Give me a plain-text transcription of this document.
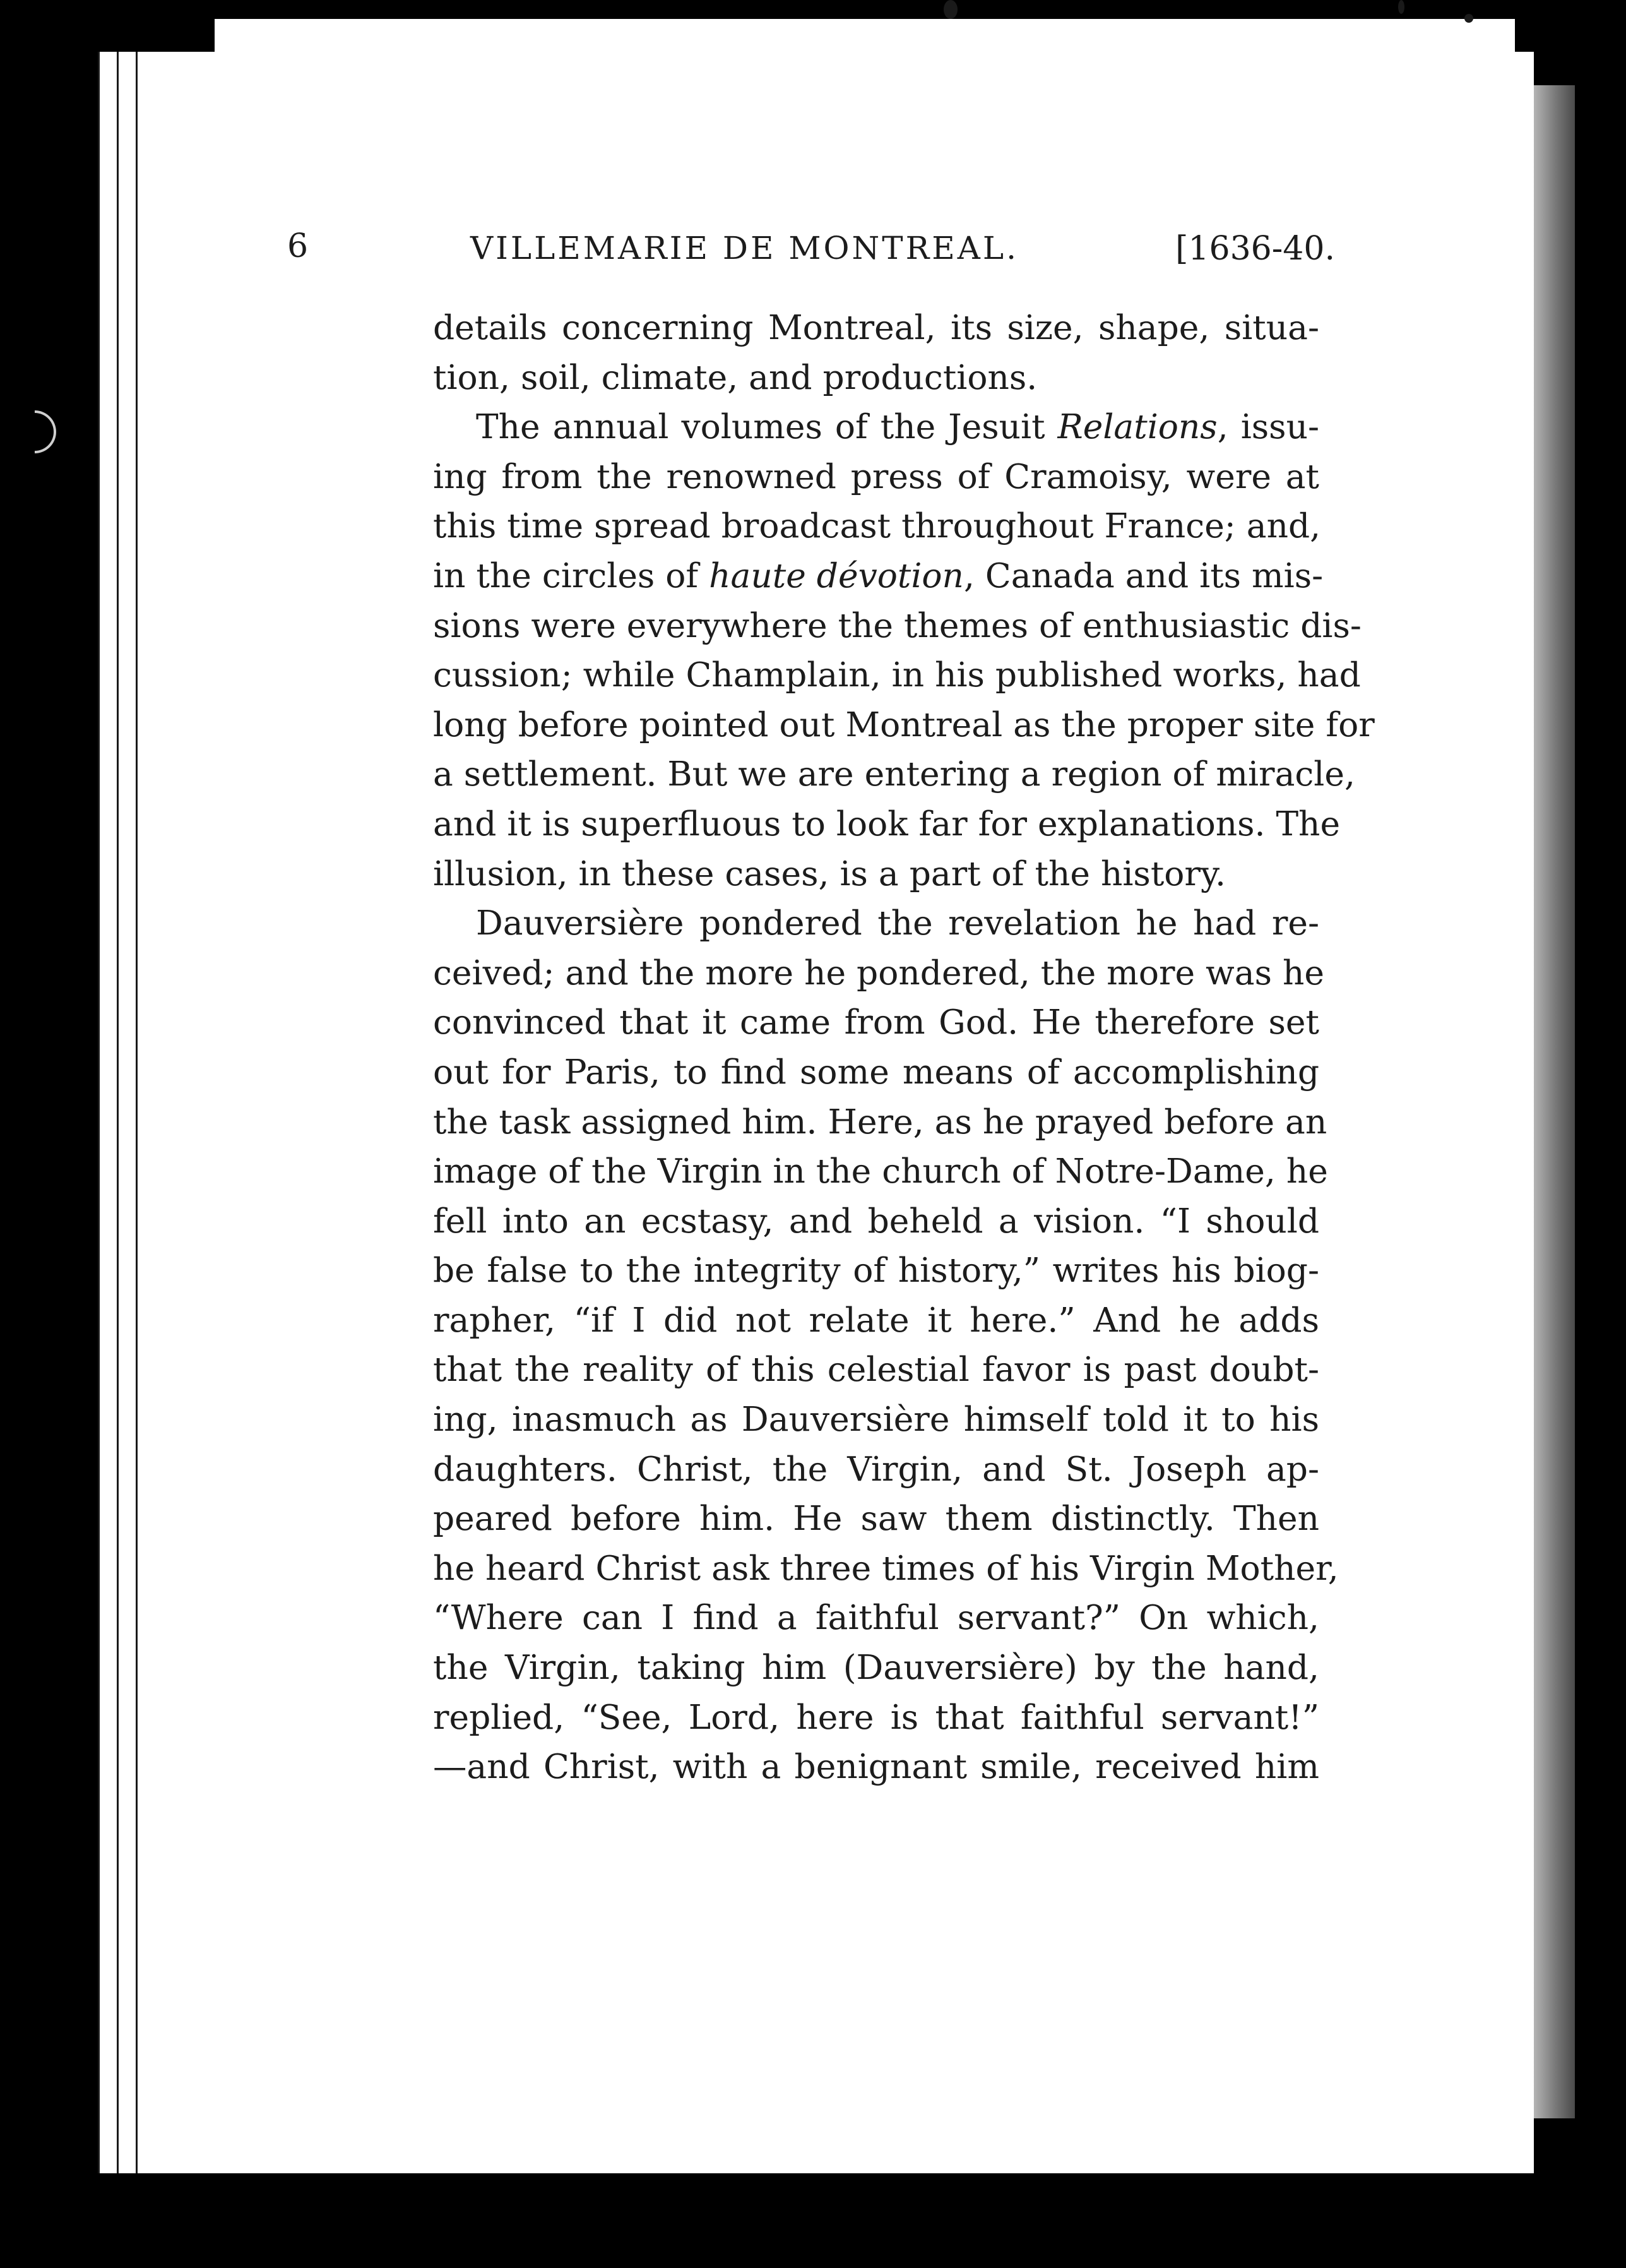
6	VILLEMARIE DE MONTREAL.	[1636-40.
details concerning Montreal, its size, shape, situa-
tion, soil, climate, and productions.
The annual volumes of the Jesuit Relations, issu-
ing from the renowned press of Cramoisy, were at
this time spread broadcast throughout France; and,
in the circles of haute dévotion, Canada and its mis-
sions were everywhere the themes of enthusiastic dis-
cussion; while Champlain, in his published works, had
long before pointed out Montreal as the proper site for
a settlement. But we are entering a region of miracle,
and it is superfluous to look far for explanations. The
illusion, in these cases, is a part of the history.
Dauversière pondered the revelation he had re-
ceived; and the more he pondered, the more was he
convinced that it came from God. He therefore set
out for Paris, to find some means of accomplishing
the task assigned him. Here, as he prayed before an
image of the Virgin in the church of Notre-Dame, he
fell into an ecstasy, and beheld a vision. “I should
be false to the integrity of history,” writes his biog-
rapher, “if I did not relate it here.” And he adds
that the reality of this celestial favor is past doubt-
ing, inasmuch as Dauversière himself told it to his
daughters. Christ, the Virgin, and St. Joseph ap-
peared before him. He saw them distinctly. Then
he heard Christ ask three times of his Virgin Mother,
“Where can I find a faithful servant?” On which,
the Virgin, taking him (Dauversière) by the hand,
replied, “See, Lord, here is that faithful servant!”
—and Christ, with a benignant smile, received him
